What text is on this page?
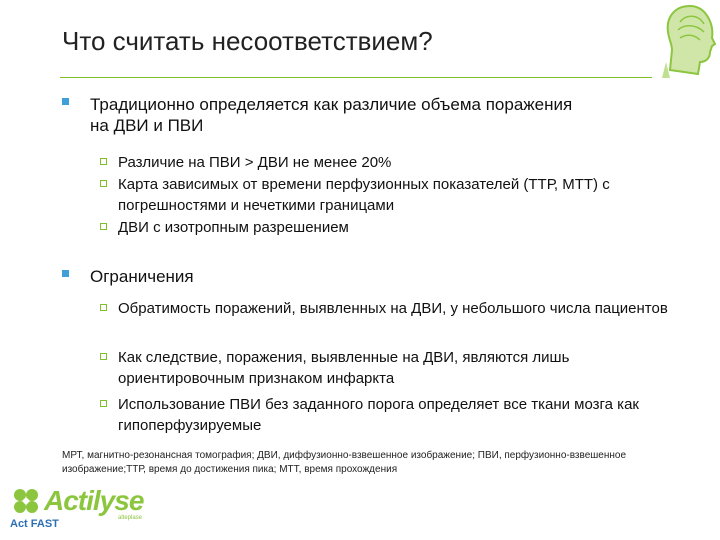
Что считать несоответствием?
Традиционно определяется как различие объема поражения на ДВИ и ПВИ
Различие на ПВИ > ДВИ не менее 20%
Карта зависимых от времени перфузионных показателей (ТТР, МТТ) с погрешностями и нечеткими границами
ДВИ с изотропным разрешением
Ограничения
Обратимость поражений, выявленных на ДВИ, у небольшого числа пациентов
Как следствие, поражения, выявленные на ДВИ, являются лишь ориентировочным признаком инфаркта
Использование ПВИ без заданного порога определяет все ткани мозга как гипоперфузируемые
МРТ, магнитно-резонансная томография; ДВИ, диффузионно-взвешенное изображение; ПВИ, перфузионно-взвешенное изображение;ТТР, время до достижения пика; МТТ, время прохождения
Actilyse
alteplase
Act FAST
